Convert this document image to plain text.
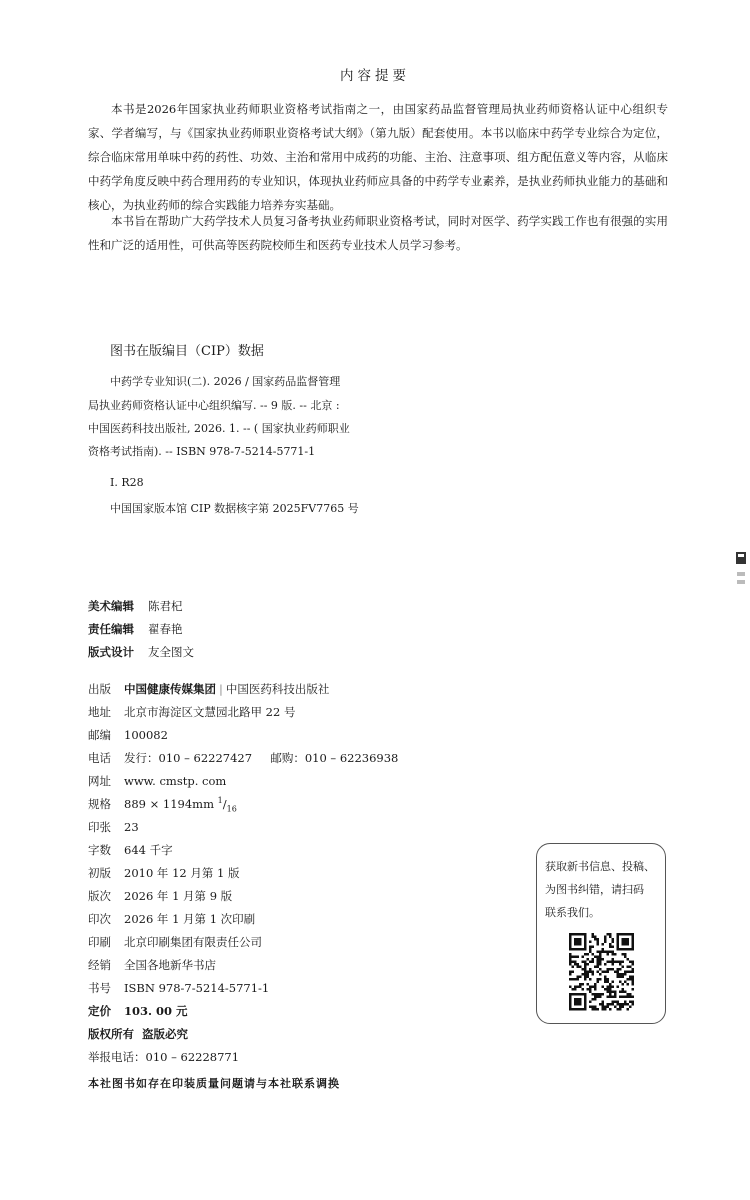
内容提要
本书是2026年国家执业药师职业资格考试指南之一，由国家药品监督管理局执业药师资格认证中心组织专家、学者编写，与《国家执业药师职业资格考试大纲》（第九版）配套使用。本书以临床中药学专业综合为定位，综合临床常用单味中药的药性、功效、主治和常用中成药的功能、主治、注意事项、组方配伍意义等内容，从临床中药学角度反映中药合理用药的专业知识，体现执业药师应具备的中药学专业素养，是执业药师执业能力的基础和核心，为执业药师的综合实践能力培养夯实基础。
本书旨在帮助广大药学技术人员复习备考执业药师职业资格考试，同时对医学、药学实践工作也有很强的实用性和广泛的适用性，可供高等医药院校师生和医药专业技术人员学习参考。
图书在版编目（CIP）数据
中药学专业知识(二). 2026 / 国家药品监督管理
局执业药师资格认证中心组织编写. -- 9 版. -- 北京 :
中国医药科技出版社, 2026. 1. -- ( 国家执业药师职业
资格考试指南). -- ISBN 978-7-5214-5771-1
Ⅰ. R28
中国国家版本馆 CIP 数据核字第 2025FV7765 号
美术编辑 陈君杞
责任编辑 翟春艳
版式设计 友全图文
出版 中国健康传媒集团 | 中国医药科技出版社
地址 北京市海淀区文慧园北路甲 22 号
邮编 100082
电话 发行：010 – 62227427     邮购：010 – 62236938
网址 www. cmstp. com
规格 889 × 1194mm $^1/_{16}$
印张 23
字数 644 千字
初版 2010 年 12 月第 1 版
版次 2026 年 1 月第 9 版
印次 2026 年 1 月第 1 次印刷
印刷 北京印刷集团有限责任公司
经销 全国各地新华书店
书号 ISBN 978-7-5214-5771-1
定价 103. 00 元
版权所有 盗版必究
举报电话：010 – 62228771
本社图书如存在印装质量问题请与本社联系调换
获取新书信息、投稿、
为图书纠错，请扫码
联系我们。
